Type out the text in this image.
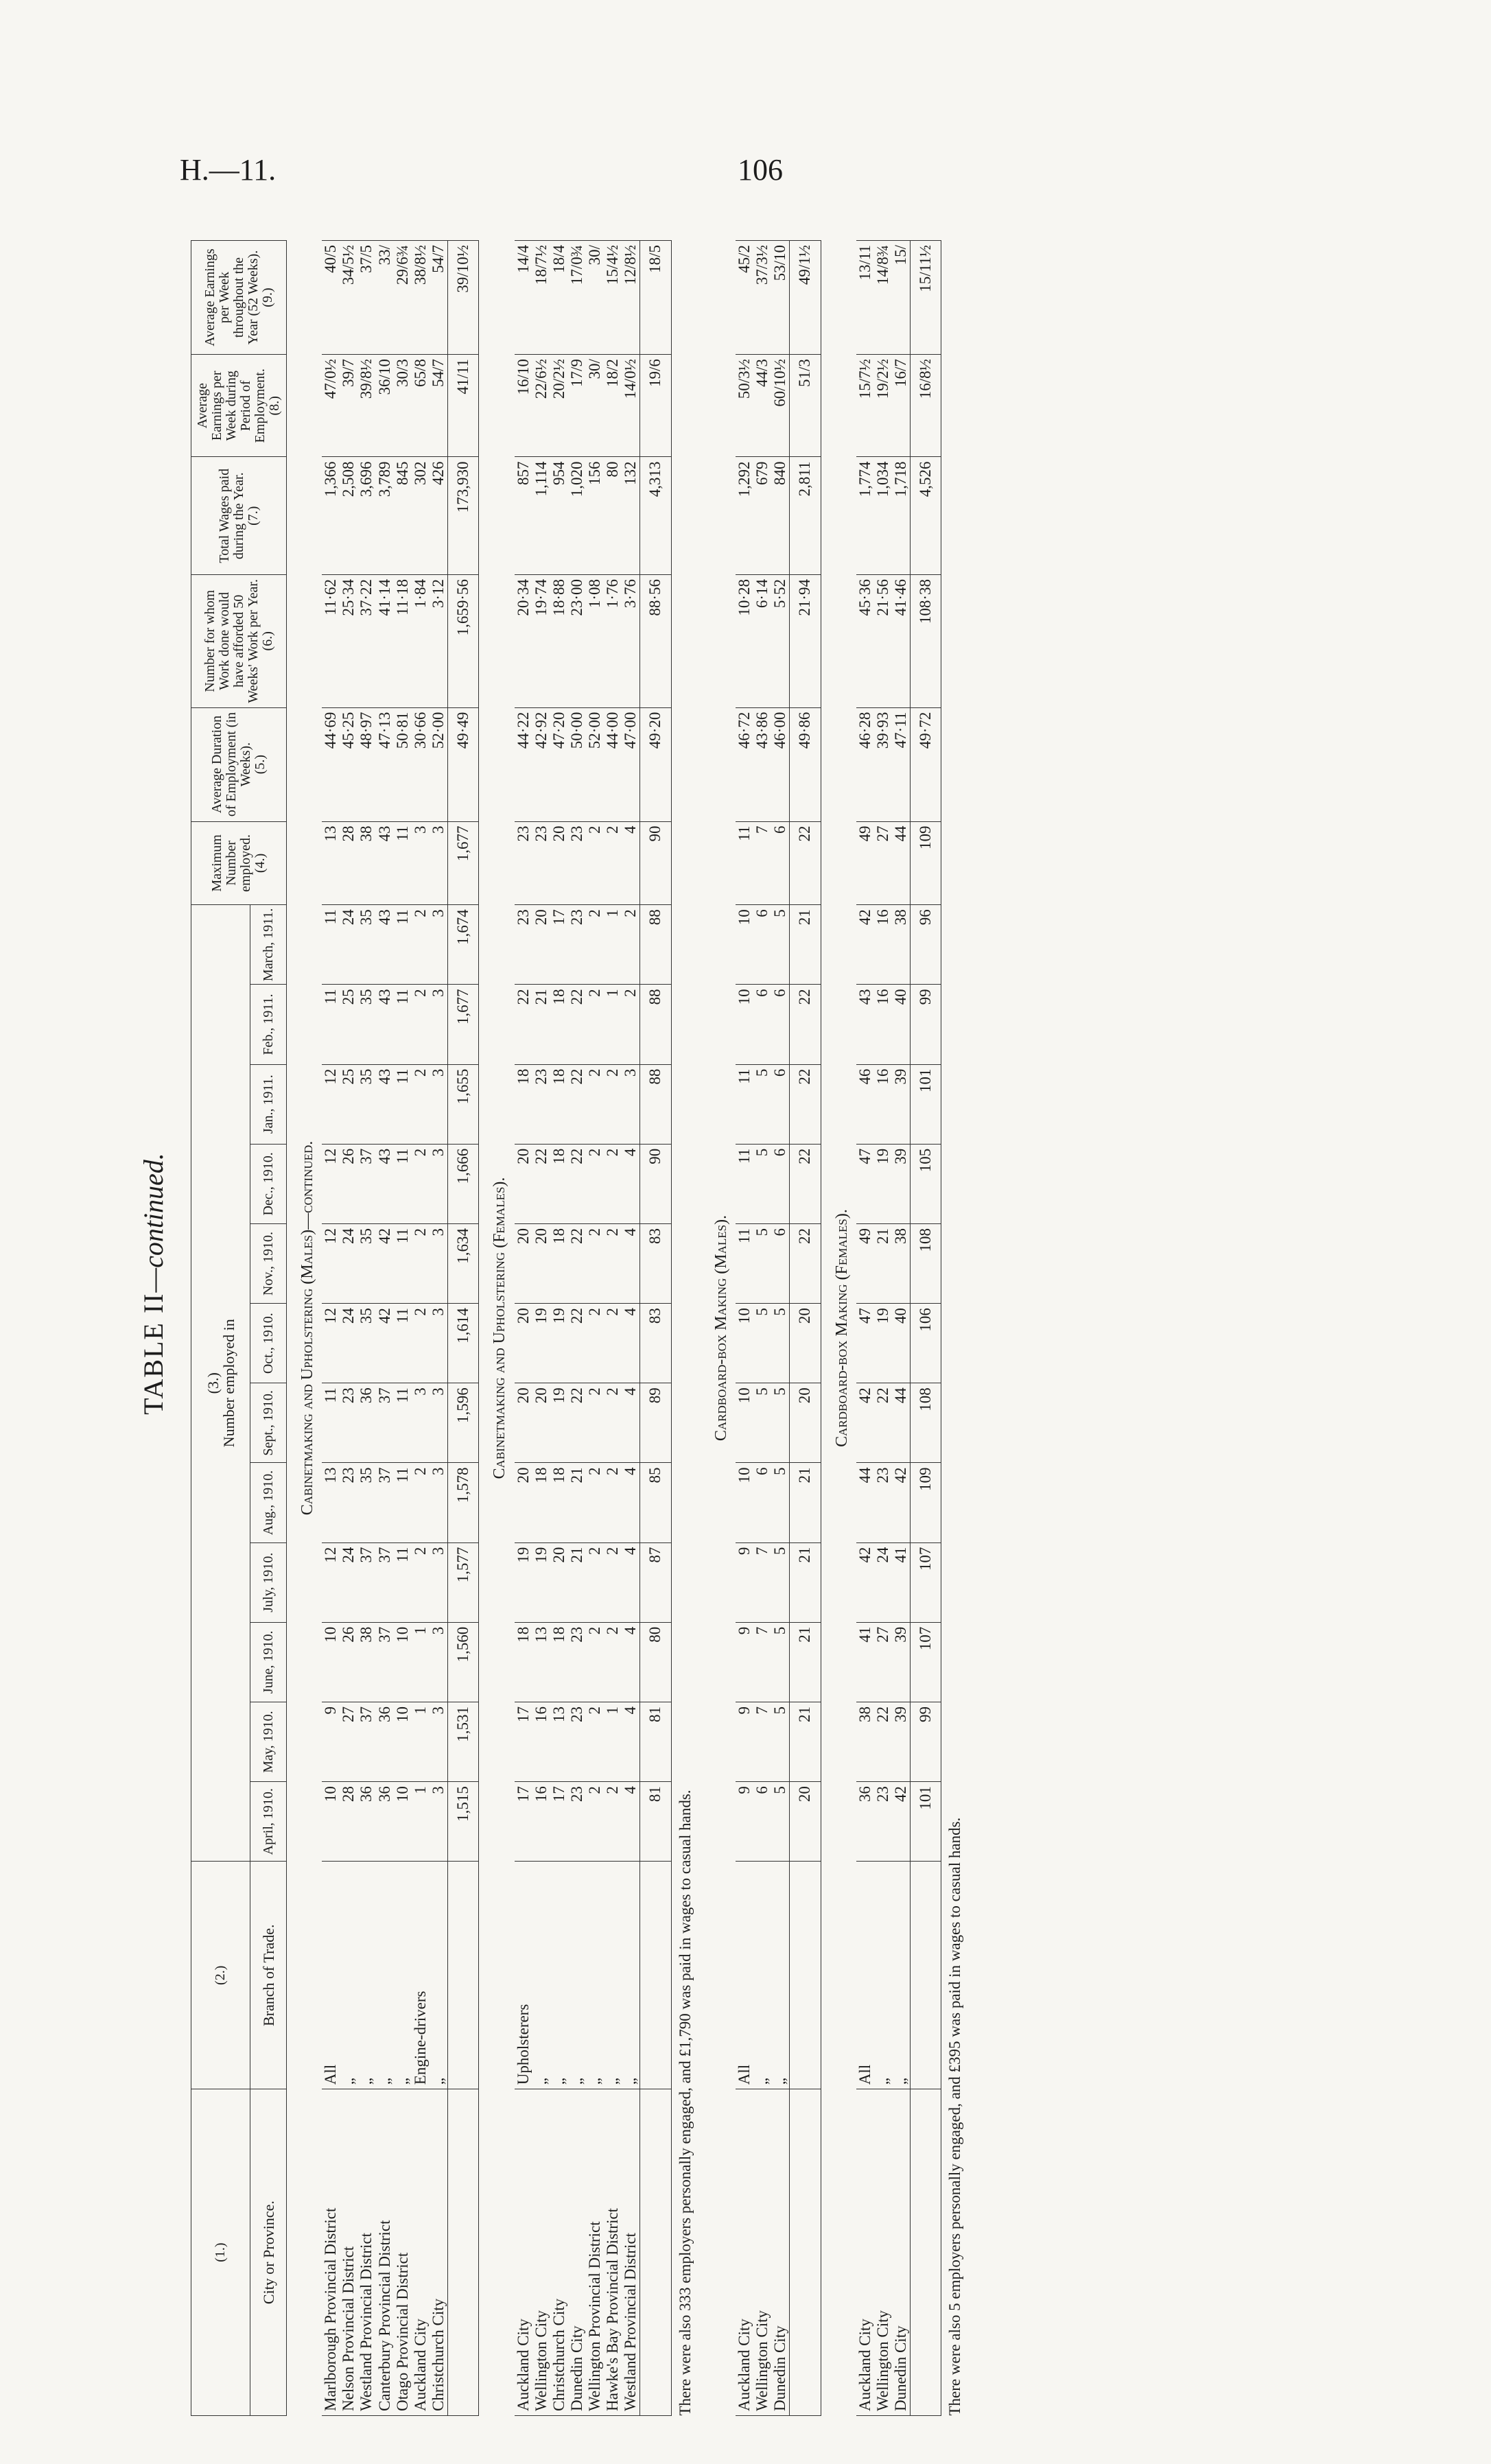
H.—11.	106
TABLE II—continued.
(1.)	(2.)	(3.)
Number employed in												Maximum Number employed.
(4.)	Average Duration of Employment (in Weeks).
(5.)	Number for whom Work done would have afforded 50 Weeks' Work per Year.
(6.)	Total Wages paid during the Year.
(7.)	Average Earnings per Week during Period of Employment.
(8.)	Average Earnings per Week throughout the Year (52 Weeks).
(9.)
City or Province.	Branch of Trade.	April, 1910.	May, 1910.	June, 1910.	July, 1910.	Aug., 1910.	Sept., 1910.	Oct., 1910.	Nov., 1910.	Dec., 1910.	Jan., 1911.	Feb., 1911.	March, 1911.						
Cabinetmaking and Upholstering (Males)—continued.																			
Marlborough Provincial District	All	10	9	10	12	13	11	12	12	12	12	11	11	13	44·69	11·62	1,366	47/0½	40/5
Nelson Provincial District	„	28	27	26	24	23	23	24	24	26	25	25	24	28	45·25	25·34	2,508	39/7	34/5½
Westland Provincial District	„	36	37	38	37	35	36	35	35	37	35	35	35	38	48·97	37·22	3,696	39/8½	37/5
Canterbury Provincial District	„	36	36	37	37	37	37	42	42	43	43	43	43	43	47·13	41·14	3,789	36/10	33/
Otago Provincial District	„	10	10	10	11	11	11	11	11	11	11	11	11	11	50·81	11·18	845	30/3	29/6¾
Auckland City	Engine-drivers	1	1	1	2	2	3	2	2	2	2	2	2	3	30·66	1·84	302	65/8	38/8½
Christchurch City	„	3	3	3	3	3	3	3	3	3	3	3	3	3	52·00	3·12	426	54/7	54/7
		1,515	1,531	1,560	1,577	1,578	1,596	1,614	1,634	1,666	1,655	1,677	1,674	1,677	49·49	1,659·56	173,930	41/11	39/10½
Cabinetmaking and Upholstering (Females).																			
Auckland City	Upholsterers	17	17	18	19	20	20	20	20	20	18	22	23	23	44·22	20·34	857	16/10	14/4
Wellington City	„	16	16	13	19	18	20	19	20	22	23	21	20	23	42·92	19·74	1,114	22/6½	18/7½
Christchurch City	„	17	13	18	20	18	19	19	18	18	18	18	17	20	47·20	18·88	954	20/2½	18/4
Dunedin City	„	23	23	23	21	21	22	22	22	22	22	22	23	23	50·00	23·00	1,020	17/9	17/0¾
Wellington Provincial District	„	2	2	2	2	2	2	2	2	2	2	2	2	2	52·00	1·08	156	30/	30/
Hawke's Bay Provincial District	„	2	1	2	2	2	2	2	2	2	2	1	1	2	44·00	1·76	80	18/2	15/4½
Westland Provincial District	„	4	4	4	4	4	4	4	4	4	3	2	2	4	47·00	3·76	132	14/0½	12/8½
		81	81	80	87	85	89	83	83	90	88	88	88	90	49·20	88·56	4,313	19/6	18/5
There were also 333 employers personally engaged, and £1,790 was paid in wages to casual hands.																			
Cardboard-box Making (Males).																			
Auckland City	All	9	9	9	9	10	10	10	11	11	11	10	10	11	46·72	10·28	1,292	50/3½	45/2
Wellington City	„	6	7	7	7	6	5	5	5	5	5	6	6	7	43·86	6·14	679	44/3	37/3½
Dunedin City	„	5	5	5	5	5	5	5	6	6	6	6	5	6	46·00	5·52	840	60/10½	53/10
		20	21	21	21	21	20	20	22	22	22	22	21	22	49·86	21·94	2,811	51/3	49/1½
Cardboard-box Making (Females).																			
Auckland City	All	36	38	41	42	44	42	47	49	47	46	43	42	49	46·28	45·36	1,774	15/7½	13/11
Wellington City	„	23	22	27	24	23	22	19	21	19	16	16	16	27	39·93	21·56	1,034	19/2½	14/8¾
Dunedin City	„	42	39	39	41	42	44	40	38	39	39	40	38	44	47·11	41·46	1,718	16/7	15/
		101	99	107	107	109	108	106	108	105	101	99	96	109	49·72	108·38	4,526	16/8½	15/11½
There were also 5 employers personally engaged, and £395 was paid in wages to casual hands.																			
